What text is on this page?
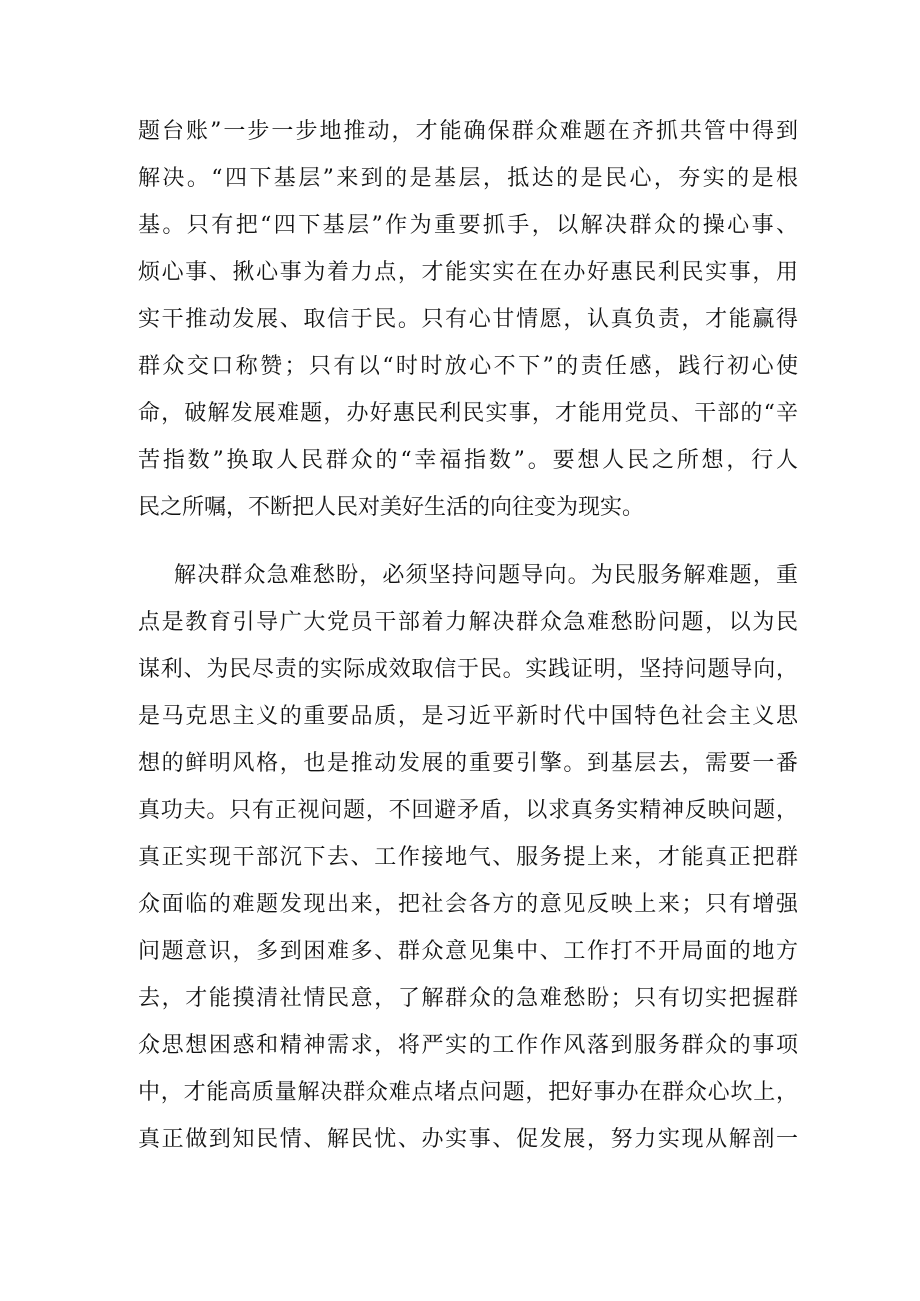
题台账”一步一步地推动，才能确保群众难题在齐抓共管中得到
解决。“四下基层”来到的是基层，抵达的是民心，夯实的是根
基。只有把“四下基层”作为重要抓手，以解决群众的操心事、
烦心事、揪心事为着力点，才能实实在在办好惠民利民实事，用
实干推动发展、取信于民。只有心甘情愿，认真负责，才能赢得
群众交口称赞；只有以“时时放心不下”的责任感，践行初心使
命，破解发展难题，办好惠民利民实事，才能用党员、干部的“辛
苦指数”换取人民群众的“幸福指数”。要想人民之所想，行人
民之所嘱，不断把人民对美好生活的向往变为现实。
解决群众急难愁盼，必须坚持问题导向。为民服务解难题，重
点是教育引导广大党员干部着力解决群众急难愁盼问题，以为民
谋利、为民尽责的实际成效取信于民。实践证明，坚持问题导向，
是马克思主义的重要品质，是习近平新时代中国特色社会主义思
想的鲜明风格，也是推动发展的重要引擎。到基层去，需要一番
真功夫。只有正视问题，不回避矛盾，以求真务实精神反映问题，
真正实现干部沉下去、工作接地气、服务提上来，才能真正把群
众面临的难题发现出来，把社会各方的意见反映上来；只有增强
问题意识，多到困难多、群众意见集中、工作打不开局面的地方
去，才能摸清社情民意，了解群众的急难愁盼；只有切实把握群
众思想困惑和精神需求，将严实的工作作风落到服务群众的事项
中，才能高质量解决群众难点堵点问题，把好事办在群众心坎上，
真正做到知民情、解民忧、办实事、促发展，努力实现从解剖一
